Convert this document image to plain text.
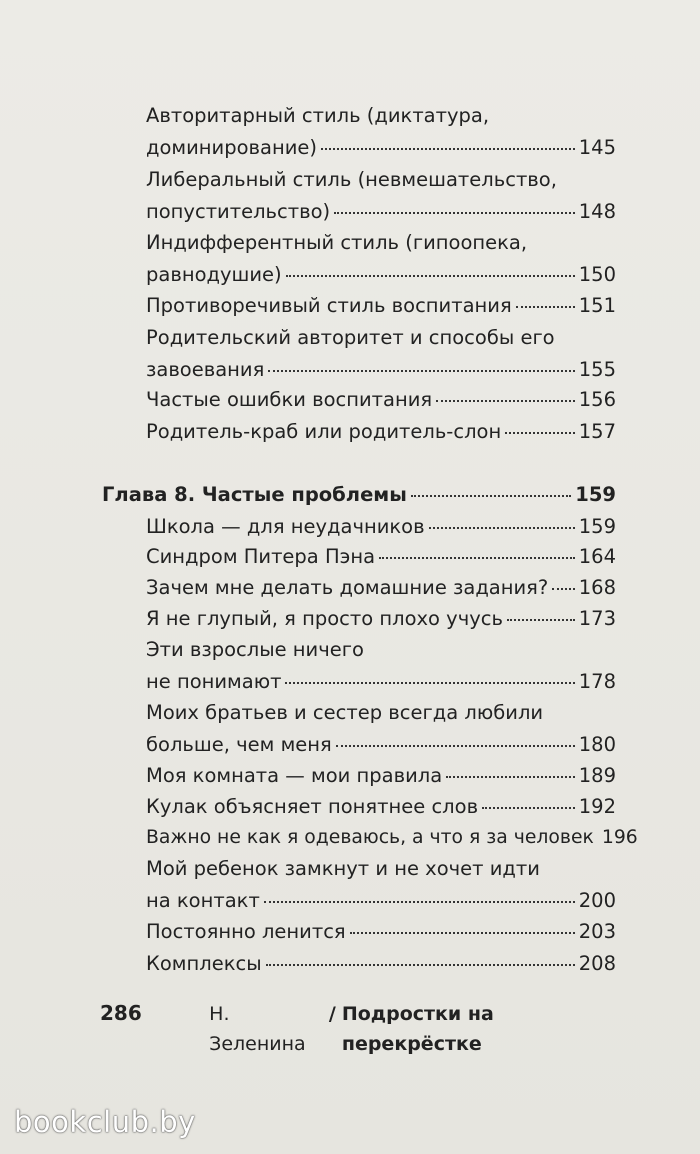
Авторитарный стиль (диктатура,
доминирование)	145
Либеральный стиль (невмешательство,
попустительство)	148
Индифферентный стиль (гипоопека,
равнодушие)	150
Противоречивый стиль воспитания	151
Родительский авторитет и способы его
завоевания	155
Частые ошибки воспитания	156
Родитель-краб или родитель-слон	157
Глава 8. Частые проблемы	159
Школа — для неудачников	159
Синдром Питера Пэна	164
Зачем мне делать домашние задания? 168
Я не глупый, я просто плохо учусь	173
Эти взрослые ничего
не понимают	178
Моих братьев и сестер всегда любили
больше, чем меня	180
Моя комната — мои правила	189
Кулак объясняет понятнее слов	192
Важно не как я одеваюсь, а что я за человек 196
Мой ребенок замкнут и не хочет идти
на контакт	200
Постоянно ленится	203
Комплексы	208
286	Н. Зеленина
/ Подростки на перекрёстке
bookclub.by
